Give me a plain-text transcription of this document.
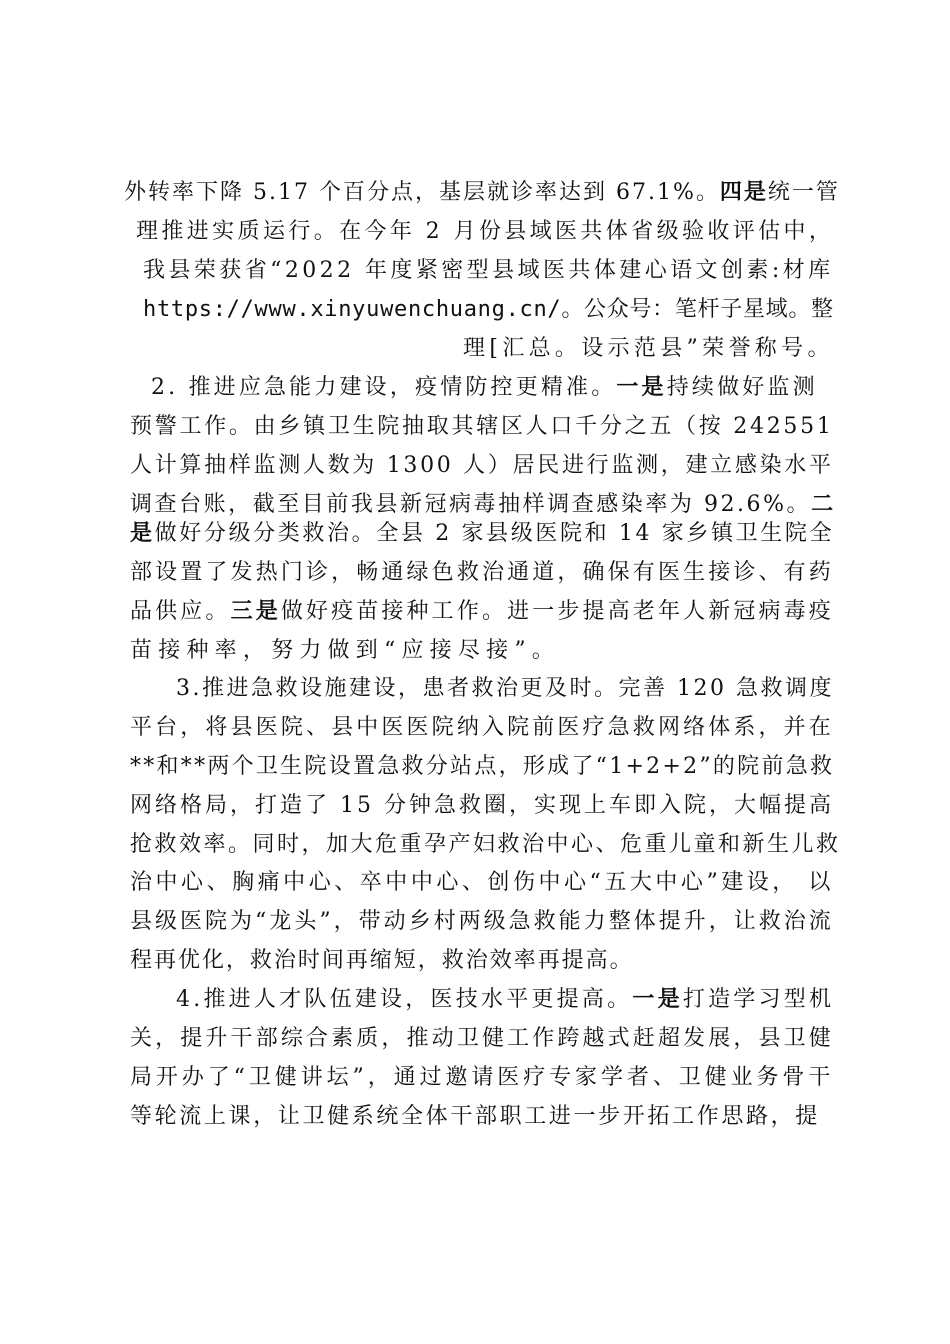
外转率下降 5.17 个百分点，基层就诊率达到 67.1%。四是统一管
理推进实质运行。在今年 2 月份县域医共体省级验收评估中，
我县荣获省“2022 年度紧密型县域医共体建心语文创素:材库
https://www.xinyuwenchuang.cn/。公众号：笔杆子星域。整
理[汇总。设示范县”荣誉称号。
2. 推进应急能力建设，疫情防控更精准。一是持续做好监测
预警工作。由乡镇卫生院抽取其辖区人口千分之五（按 242551
人计算抽样监测人数为 1300 人）居民进行监测，建立感染水平
调查台账，截至目前我县新冠病毒抽样调查感染率为 92.6%。二
是做好分级分类救治。全县 2 家县级医院和 14 家乡镇卫生院全
部设置了发热门诊，畅通绿色救治通道，确保有医生接诊、有药
品供应。三是做好疫苗接种工作。进一步提高老年人新冠病毒疫
苗接种率，努力做到“应接尽接”。
3.推进急救设施建设，患者救治更及时。完善 120 急救调度
平台，将县医院、县中医医院纳入院前医疗急救网络体系，并在
**和**两个卫生院设置急救分站点，形成了“1+2+2”的院前急救
网络格局，打造了 15 分钟急救圈，实现上车即入院，大幅提高
抢救效率。同时，加大危重孕产妇救治中心、危重儿童和新生儿救
治中心、胸痛中心、卒中中心、创伤中心“五大中心”建设， 以
县级医院为“龙头”，带动乡村两级急救能力整体提升，让救治流
程再优化，救治时间再缩短，救治效率再提高。
4.推进人才队伍建设，医技水平更提高。一是打造学习型机
关，提升干部综合素质，推动卫健工作跨越式赶超发展，县卫健
局开办了“卫健讲坛”，通过邀请医疗专家学者、卫健业务骨干
等轮流上课，让卫健系统全体干部职工进一步开拓工作思路，提
